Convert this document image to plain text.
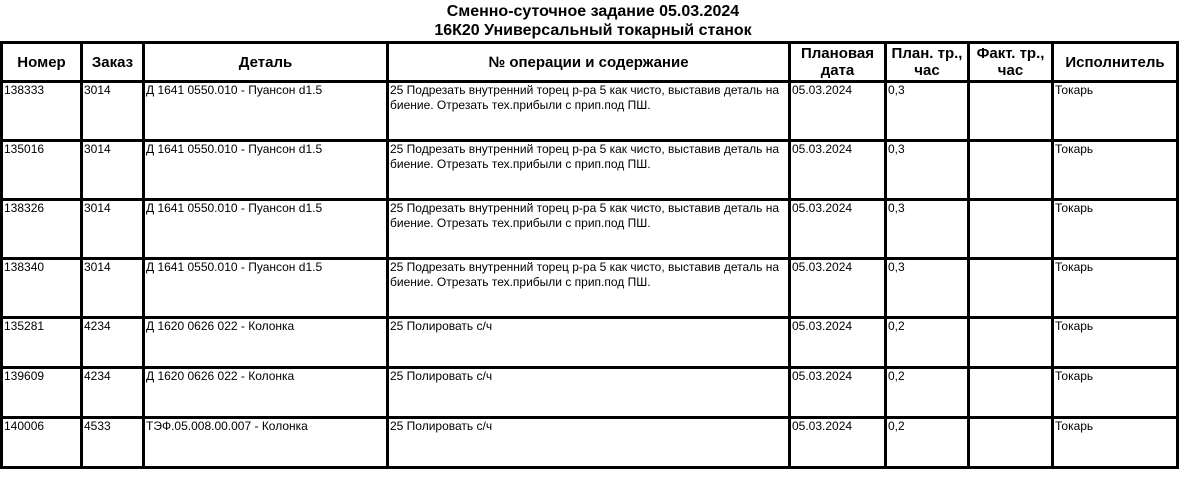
Сменно-суточное задание 05.03.2024
16К20 Универсальный токарный станок
Номер	Заказ	Деталь	№ операции и содержание	Плановая дата	План. тр., час	Факт. тр., час	Исполнитель
138333	3014	Д 1641 0550.010 - Пуансон d1.5	25 Подрезать внутренний торец р-ра 5 как чисто, выставив деталь на биение. Отрезать тех.прибыли с прип.под ПШ.	05.03.2024	0,3		Токарь
135016	3014	Д 1641 0550.010 - Пуансон d1.5	25 Подрезать внутренний торец р-ра 5 как чисто, выставив деталь на биение. Отрезать тех.прибыли с прип.под ПШ.	05.03.2024	0,3		Токарь
138326	3014	Д 1641 0550.010 - Пуансон d1.5	25 Подрезать внутренний торец р-ра 5 как чисто, выставив деталь на биение. Отрезать тех.прибыли с прип.под ПШ.	05.03.2024	0,3		Токарь
138340	3014	Д 1641 0550.010 - Пуансон d1.5	25 Подрезать внутренний торец р-ра 5 как чисто, выставив деталь на биение. Отрезать тех.прибыли с прип.под ПШ.	05.03.2024	0,3		Токарь
135281	4234	Д 1620 0626 022 - Колонка	25 Полировать с/ч	05.03.2024	0,2		Токарь
139609	4234	Д 1620 0626 022 - Колонка	25 Полировать с/ч	05.03.2024	0,2		Токарь
140006	4533	ТЭФ.05.008.00.007 - Колонка	25 Полировать с/ч	05.03.2024	0,2		Токарь
